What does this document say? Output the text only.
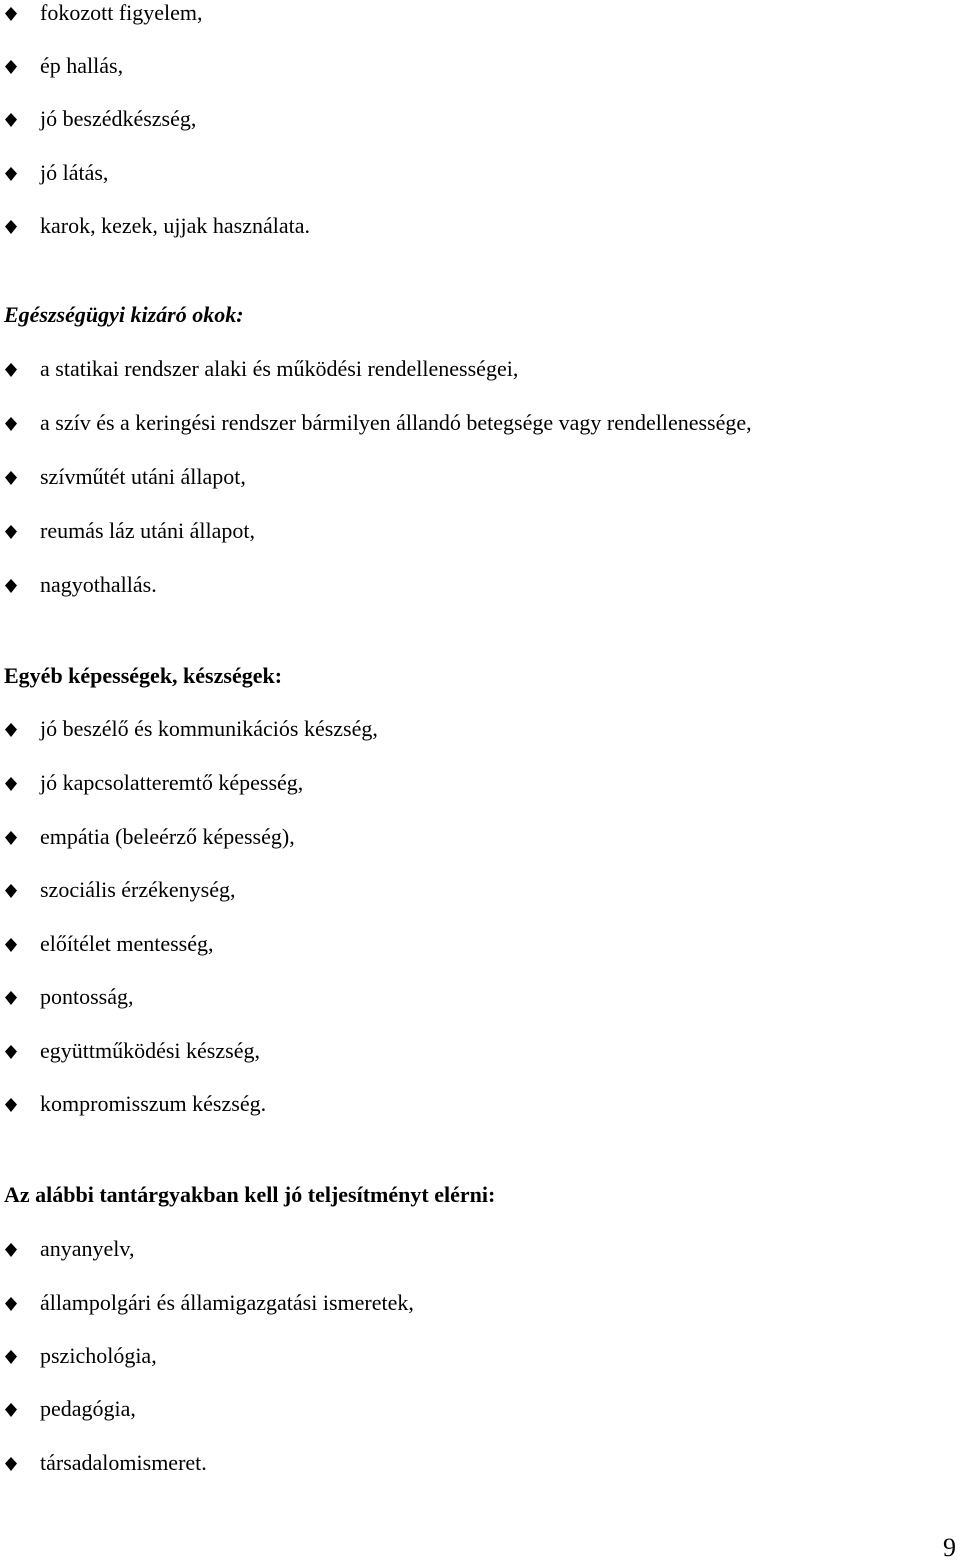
fokozott figyelem,
ép hallás,
jó beszédkészség,
jó látás,
karok, kezek, ujjak használata.
Egészségügyi kizáró okok:
a statikai rendszer alaki és működési rendellenességei,
a szív és a keringési rendszer bármilyen állandó betegsége vagy rendellenessége,
szívműtét utáni állapot,
reumás láz utáni állapot,
nagyothallás.
Egyéb képességek, készségek:
jó beszélő és kommunikációs készség,
jó kapcsolatteremtő képesség,
empátia (beleérző képesség),
szociális érzékenység,
előítélet mentesség,
pontosság,
együttműködési készség,
kompromisszum készség.
Az alábbi tantárgyakban kell jó teljesítményt elérni:
anyanyelv,
állampolgári és államigazgatási ismeretek,
pszichológia,
pedagógia,
társadalomismeret.
9
